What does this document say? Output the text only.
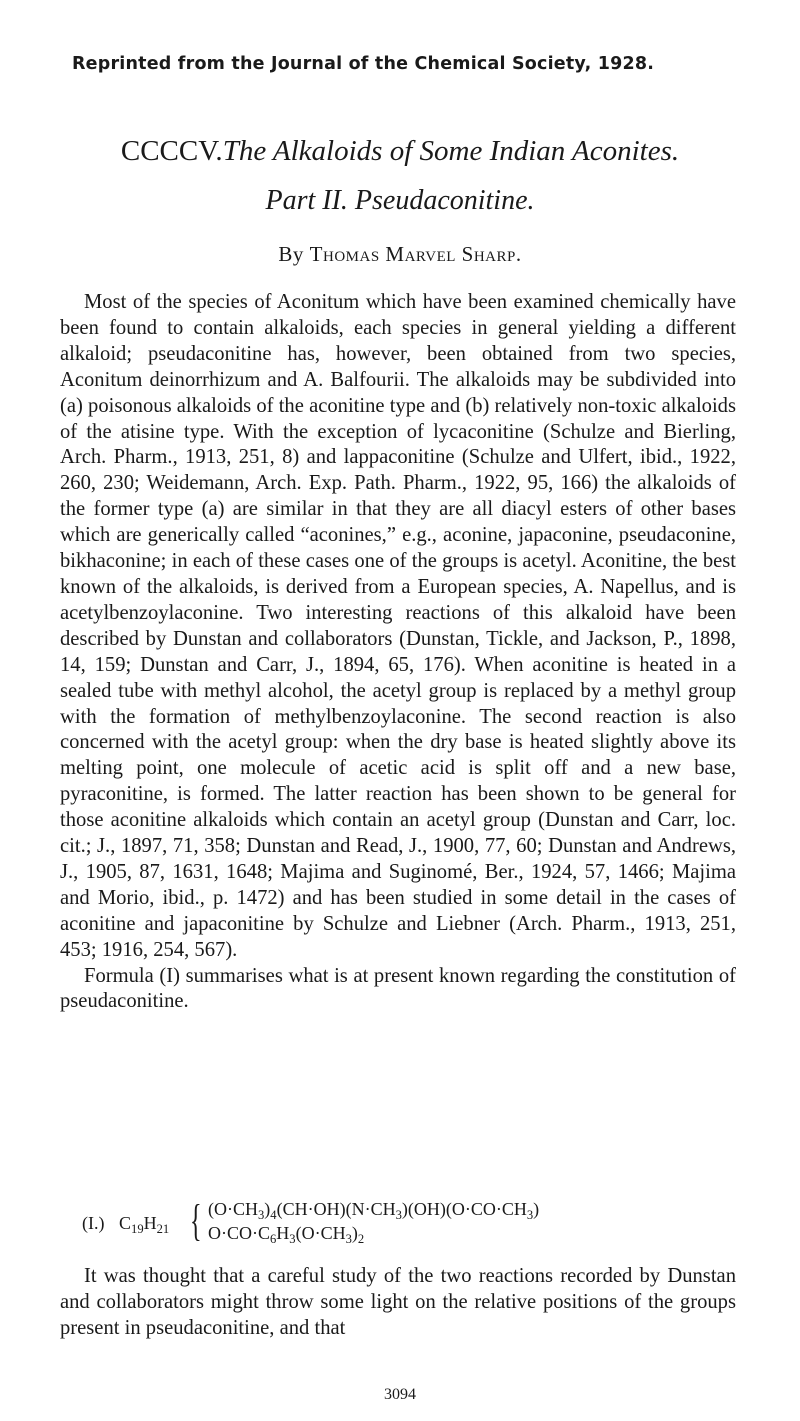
Reprinted from the Journal of the Chemical Society, 1928.
CCCCV.The Alkaloids of Some Indian Aconites.
Part II. Pseudaconitine.
By Thomas Marvel Sharp.

Most of the species of Aconitum which have been examined chemically have been found to contain alkaloids, each species in general yielding a different alkaloid; pseudaconitine has, however, been obtained from two species, Aconitum deinorrhizum and A. Balfourii. The alkaloids may be subdivided into (a) poisonous alkaloids of the aconitine type and (b) relatively non-toxic alkaloids of the atisine type. With the exception of lycaconitine (Schulze and Bierling, Arch. Pharm., 1913, 251, 8) and lappaconitine (Schulze and Ulfert, ibid., 1922, 260, 230; Weidemann, Arch. Exp. Path. Pharm., 1922, 95, 166) the alkaloids of the former type (a) are similar in that they are all diacyl esters of other bases which are generically called “aconines,” e.g., aconine, japaconine, pseudaconine, bikhaconine; in each of these cases one of the groups is acetyl. Aconitine, the best known of the alkaloids, is derived from a European species, A. Napellus, and is acetylbenzoylaconine. Two interesting reactions of this alkaloid have been described by Dunstan and collaborators (Dunstan, Tickle, and Jackson, P., 1898, 14, 159; Dunstan and Carr, J., 1894, 65, 176). When aconitine is heated in a sealed tube with methyl alcohol, the acetyl group is replaced by a methyl group with the formation of methylbenzoylaconine. The second reaction is also concerned with the acetyl group: when the dry base is heated slightly above its melting point, one molecule of acetic acid is split off and a new base, pyraconitine, is formed. The latter reaction has been shown to be general for those aconitine alkaloids which contain an acetyl group (Dunstan and Carr, loc. cit.; J., 1897, 71, 358; Dunstan and Read, J., 1900, 77, 60; Dunstan and Andrews, J., 1905, 87, 1631, 1648; Majima and Suginomé, Ber., 1924, 57, 1466; Majima and Morio, ibid., p. 1472) and has been studied in some detail in the cases of aconitine and japaconitine by Schulze and Liebner (Arch. Pharm., 1913, 251, 453; 1916, 254, 567).

Formula (I) summarises what is at present known regarding the constitution of pseudaconitine.

(I.) $C_{19}H_{21}$ { $(O\cdot CH_3)_4(CH\cdot OH)(N\cdot CH_3)(OH)(O\cdot CO\cdot CH_3)$
$O\cdot CO\cdot C_6H_3(O\cdot CH_3)_2$

It was thought that a careful study of the two reactions recorded by Dunstan and collaborators might throw some light on the relative positions of the groups present in pseudaconitine, and that

3094
